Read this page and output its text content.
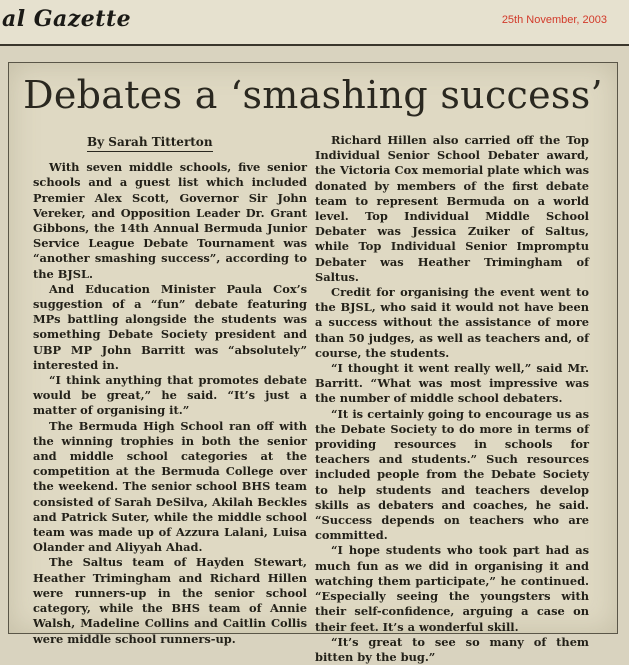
al Gazette	25th November, 2003
Debates a ‘smashing success’
By Sarah Titterton

With seven middle schools, five senior schools and a guest list which included Premier Alex Scott, Governor Sir John Vereker, and Opposition Leader Dr. Grant Gibbons, the 14th Annual Bermuda Junior Service League Debate Tournament was “another smashing success”, according to the BJSL.

And Education Minister Paula Cox’s suggestion of a “fun” debate featuring MPs battling alongside the students was something Debate Society president and UBP MP John Barritt was “absolutely” interested in.

“I think anything that promotes debate would be great,” he said. “It’s just a matter of organising it.”

The Bermuda High School ran off with the winning trophies in both the senior and middle school categories at the competition at the Bermuda College over the weekend. The senior school BHS team consisted of Sarah DeSilva, Akilah Beckles and Patrick Suter, while the middle school team was made up of Azzura Lalani, Luisa Olander and Aliyyah Ahad.

The Saltus team of Hayden Stewart, Heather Trimingham and Richard Hillen were runners-up in the senior school category, while the BHS team of Annie Walsh, Madeline Collins and Caitlin Collis were middle school runners-up.

Richard Hillen also carried off the Top Individual Senior School Debater award, the Victoria Cox memorial plate which was donated by members of the first debate team to represent Bermuda on a world level. Top Individual Middle School Debater was Jessica Zuiker of Saltus, while Top Individual Senior Impromptu Debater was Heather Trimingham of Saltus.

Credit for organising the event went to the BJSL, who said it would not have been a success without the assistance of more than 50 judges, as well as teachers and, of course, the students.

“I thought it went really well,” said Mr. Barritt. “What was most impressive was the number of middle school debaters.

“It is certainly going to encourage us as the Debate Society to do more in terms of providing resources in schools for teachers and students.” Such resources included people from the Debate Society to help students and teachers develop skills as debaters and coaches, he said. “Success depends on teachers who are committed.

“I hope students who took part had as much fun as we did in organising it and watching them participate,” he continued. “Especially seeing the youngsters with their self-confidence, arguing a case on their feet. It’s a wonderful skill.

“It’s great to see so many of them bitten by the bug.”
